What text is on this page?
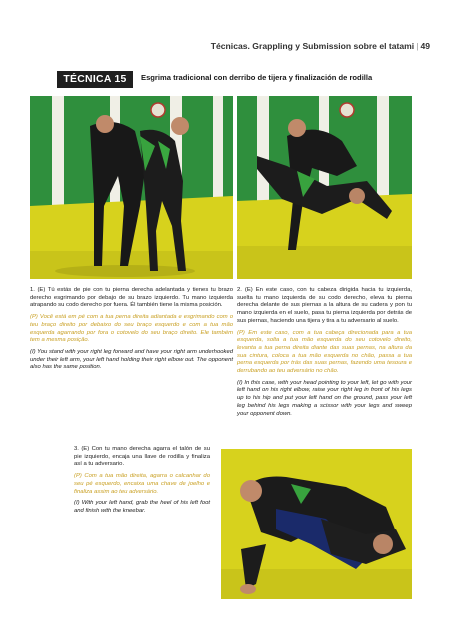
Técnicas. Grappling y Submission sobre el tatami | 49
TÉCNICA 15	Esgrima tradicional con derribo de tijera y finalización de rodilla

1. (E) Tú estás de pie con tu pierna derecha adelantada y tienes tu brazo derecho esgrimando por debajo de su brazo izquierdo. Tu mano izquierda atrapando su codo derecho por fuera. Él también tiene la misma posición.

(P) Você está em pé com a tua perna direita adiantada e esgrimando com o teu braço direito por debaixo do seu braço esquerdo e com a tua mão esquerda agarrando por fora o cotovelo do seu braço direito. Ele também tem a mesma posição.

(I) You stand with your right leg forward and have your right arm underhooked under their left arm, your left hand holding their right elbow out. The opponent also has the same position.

2. (E) En este caso, con tu cabeza dirigida hacia tu izquierda, suelta tu mano izquierda de su codo derecho, eleva tu pierna derecha delante de sus piernas a la altura de su cadera y pon tu mano izquierda en el suelo, pasa tu pierna izquierda por detrás de sus piernas, haciendo una tijera y tira a tu adversario al suelo.

(P) Em este caso, com a tua cabeça direcionada para a tua esquerda, solta a tua mão esquerda do seu cotovelo direito, levanta a tua perna direita diante das suas pernas, na altura da sua cintura, coloca a tua mão esquerda no chão, passa a tua perna esquerda por trás das suas pernas, fazendo uma tesoura e derrubando ao teu adversário no chão.

(I) In this case, with your head pointing to your left, let go with your left hand on his right elbow, raise your right leg in front of his legs up to his hip and put your left hand on the ground, pass your left leg behind his legs making a scissor with your legs and sweep your opponent down.

3. (E) Con tu mano derecha agarra el talón de su pie izquierdo, encaja una llave de rodilla y finaliza así a tu adversario.

(P) Com a tua mão direita, agarra o calcanhar do seu pé esquerdo, encaixa uma chave de joelho e finaliza assim ao teu adversário.

(I) With your left hand, grab the heel of his left foot and finish with the kneebar.
